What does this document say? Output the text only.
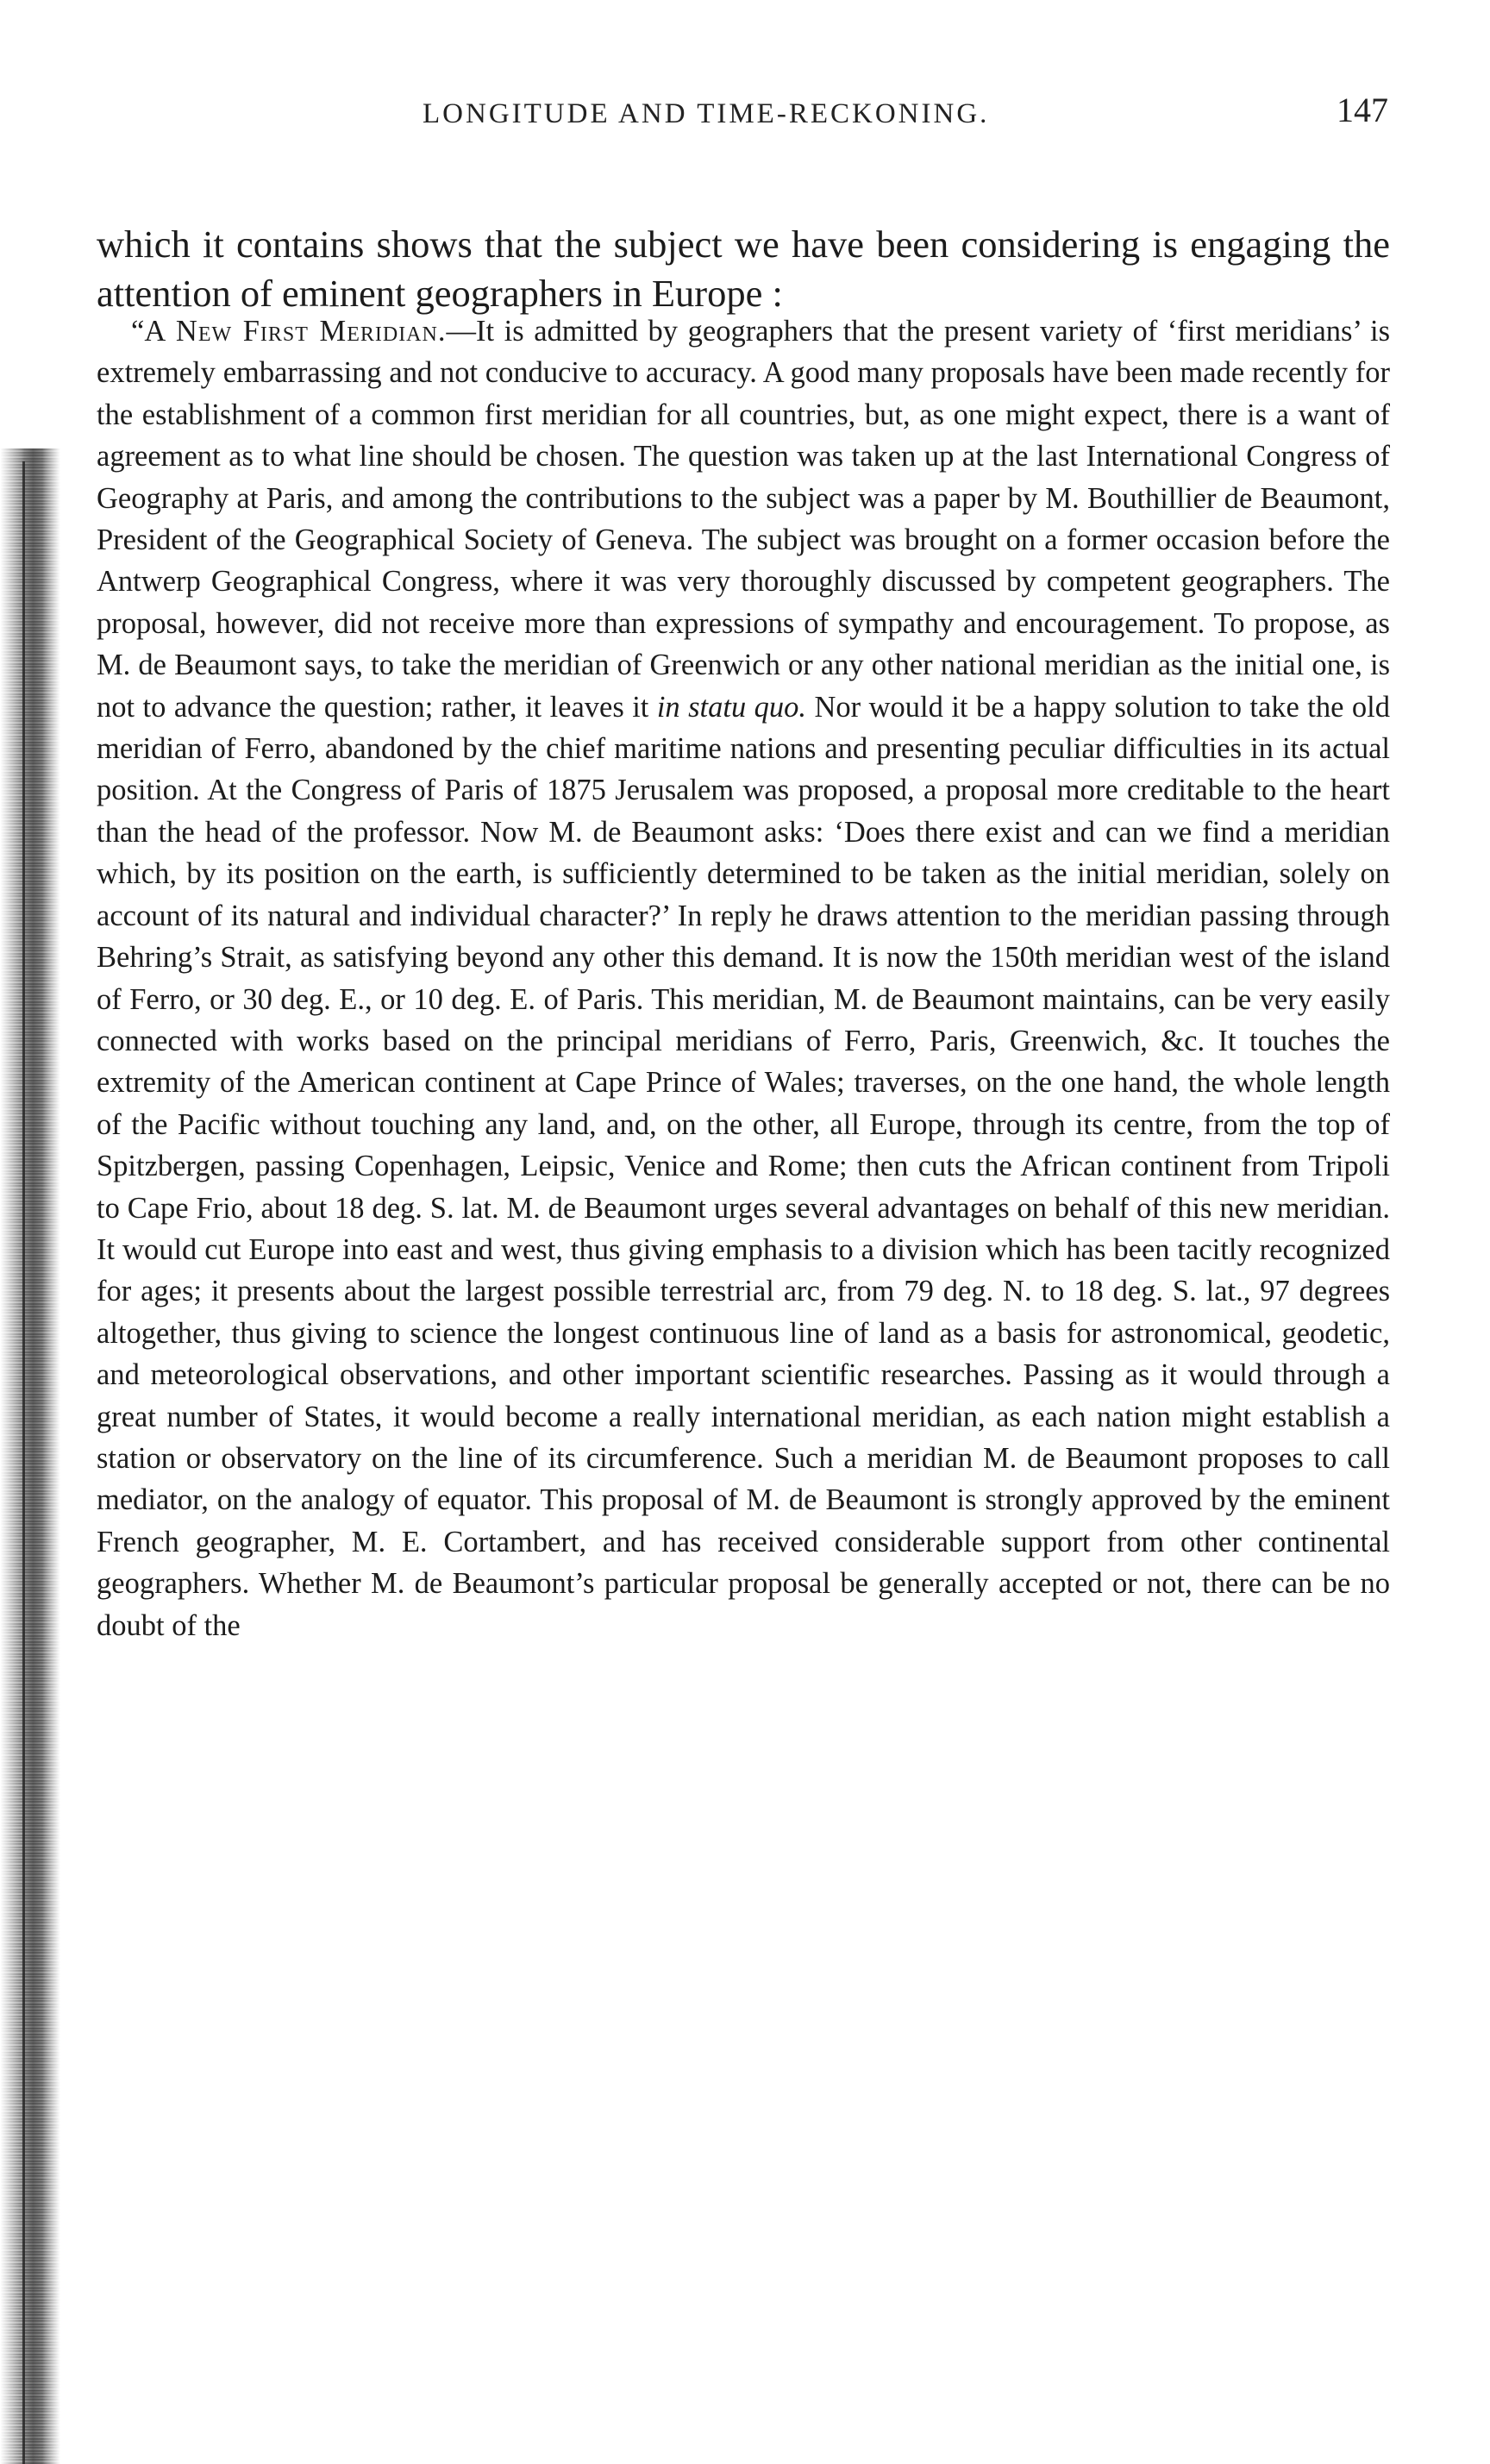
LONGITUDE AND TIME-RECKONING.	147

which it contains shows that the subject we have been considering is engaging the attention of eminent geographers in Europe :

“A New First Meridian.—It is admitted by geographers that the present variety of ‘first meridians’ is extremely embarrassing and not conducive to accuracy. A good many proposals have been made recently for the establishment of a common first meridian for all countries, but, as one might expect, there is a want of agreement as to what line should be chosen. The question was taken up at the last International Congress of Geography at Paris, and among the contributions to the subject was a paper by M. Bouthillier de Beaumont, President of the Geographical Society of Geneva. The subject was brought on a former occasion before the Antwerp Geographical Congress, where it was very thoroughly discussed by competent geographers. The proposal, however, did not receive more than expressions of sympathy and encouragement. To propose, as M. de Beaumont says, to take the meridian of Greenwich or any other national meridian as the initial one, is not to advance the question; rather, it leaves it in statu quo. Nor would it be a happy solution to take the old meridian of Ferro, abandoned by the chief maritime nations and presenting peculiar difficulties in its actual position. At the Congress of Paris of 1875 Jerusalem was proposed, a proposal more creditable to the heart than the head of the professor. Now M. de Beaumont asks: ‘Does there exist and can we find a meridian which, by its position on the earth, is sufficiently determined to be taken as the initial meridian, solely on account of its natural and individual character?’ In reply he draws attention to the meridian passing through Behring’s Strait, as satisfying beyond any other this demand. It is now the 150th meridian west of the island of Ferro, or 30 deg. E., or 10 deg. E. of Paris. This meridian, M. de Beaumont maintains, can be very easily connected with works based on the principal meridians of Ferro, Paris, Greenwich, &c. It touches the extremity of the American continent at Cape Prince of Wales; traverses, on the one hand, the whole length of the Pacific without touching any land, and, on the other, all Europe, through its centre, from the top of Spitzbergen, passing Copenhagen, Leipsic, Venice and Rome; then cuts the African continent from Tripoli to Cape Frio, about 18 deg. S. lat. M. de Beaumont urges several advantages on behalf of this new meridian. It would cut Europe into east and west, thus giving emphasis to a division which has been tacitly recognized for ages; it presents about the largest possible terrestrial arc, from 79 deg. N. to 18 deg. S. lat., 97 degrees altogether, thus giving to science the longest continuous line of land as a basis for astronomical, geodetic, and meteorological observations, and other important scientific researches. Passing as it would through a great number of States, it would become a really international meridian, as each nation might establish a station or observatory on the line of its circumference. Such a meridian M. de Beaumont proposes to call mediator, on the analogy of equator. This proposal of M. de Beaumont is strongly approved by the eminent French geographer, M. E. Cortambert, and has received considerable support from other continental geographers. Whether M. de Beaumont’s particular proposal be generally accepted or not, there can be no doubt of the
